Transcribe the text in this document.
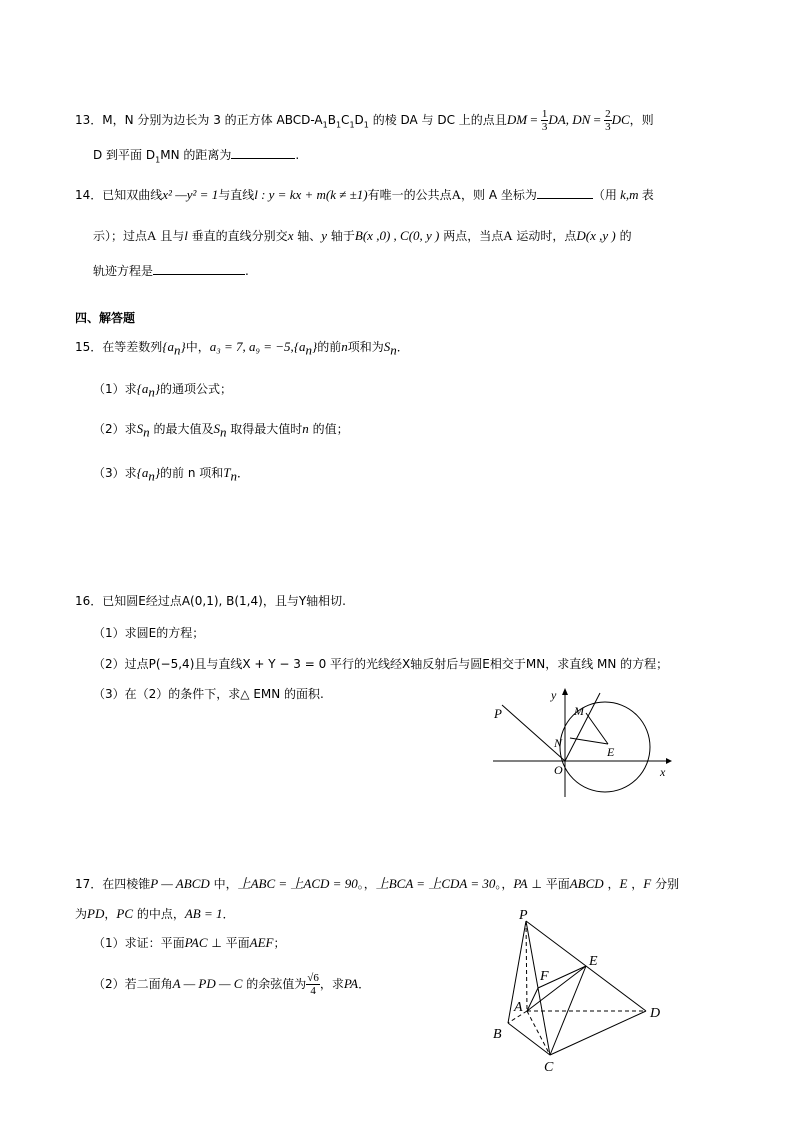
13．M，N 分别为边长为 3 的正方体 ABCD-$A_1B_1C_1D_1$ 的棱 DA 与 DC 上的点且DM = $\frac{1}{3}$ DA, DN = $\frac{2}{3}$ DC，则
D 到平面 $D_1MN$ 的距离为	.
14．已知双曲线x² —y² = 1与直线l : y = kx + m(k ≠ ±1)有唯一的公共点A，则 A 坐标为	（用 k,m 表
示）；过点A 且与l 垂直的直线分别交x 轴、y 轴于B(x ,0) , C(0, y ) 两点，当点A 运动时，点D(x ,y ) 的
轨迹方程是	.
四、解答题
15．在等差数列$\{a_n\}$中，a₃ = 7, $a_9 = -5,\{a_n\}$的前n项和为$S_n$．
（1）求$\{a_n\}$的通项公式；
（2）求$S_n$ 的最大值及$S_n$ 取得最大值时n 的值；
（3）求$\{a_n\}$的前 n 项和$T_n$．
16．已知圆E经过点A(0,1), B(1,4)，且与Y轴相切.
（1）求圆E的方程；
（2）过点P(−5,4)且与直线X + Y − 3 = 0 平行的光线经X轴反射后与圆E相交于MN，求直线 MN 的方程；
（3）在（2）的条件下，求△ EMN 的面积.
P
y
M
N
E
O	x
17．在四棱锥P — ABCD 中，上ABC = 上ACD = 90。，上BCA = 上CDA = 30。，PA ⊥ 平面ABCD ，E ，F 分别
为PD，PC 的中点，AB = 1．
（1）求证：平面PAC ⊥ 平面AEF；
（2）若二面角A — PD — C 的余弦值为 $\frac{√6}{4}$ ，求PA．
P
E
F
A	D
B
C
